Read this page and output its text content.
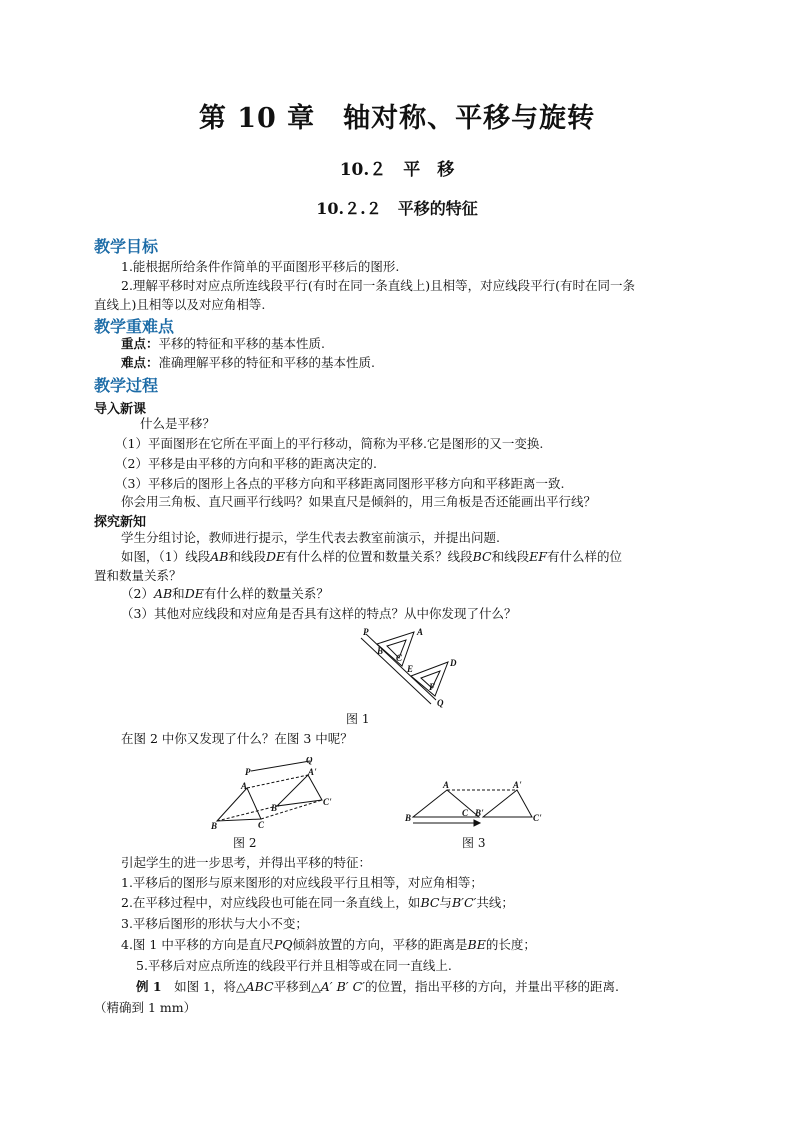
第 10 章　轴对称、平移与旋转
10.２　平　移
10.２.２　平移的特征
教学目标
1.能根据所给条件作简单的平面图形平移后的图形.
2.理解平移时对应点所连线段平行(有时在同一条直线上)且相等，对应线段平行(有时在同一条
直线上)且相等以及对应角相等.
教学重难点
重点：平移的特征和平移的基本性质.
难点：准确理解平移的特征和平移的基本性质.
教学过程
导入新课
什么是平移？
（1）平面图形在它所在平面上的平行移动，简称为平移.它是图形的又一变换.
（2）平移是由平移的方向和平移的距离决定的.
（3）平移后的图形上各点的平移方向和平移距离同图形平移方向和平移距离一致.
你会用三角板、直尺画平行线吗？如果直尺是倾斜的，用三角板是否还能画出平行线？
探究新知
学生分组讨论，教师进行提示，学生代表去教室前演示，并提出问题.
如图，（1）线段AB和线段DE有什么样的位置和数量关系？线段BC和线段EF有什么样的位
置和数量关系？
（2）AB和DE有什么样的数量关系？
（3）其他对应线段和对应角是否具有这样的特点？从中你发现了什么？
P	A
B
C	D
E
F
Q
图 1
在图 2 中你又发现了什么？在图 3 中呢？
P
Q
A
A'
B	C
B'
C'
图 2
A	A'
B	C B'	C'
图 3
引起学生的进一步思考，并得出平移的特征：
1.平移后的图形与原来图形的对应线段平行且相等，对应角相等；
2.在平移过程中，对应线段也可能在同一条直线上，如BC与B′C′共线；
3.平移后图形的形状与大小不变；
4.图 1 中平移的方向是直尺PQ倾斜放置的方向，平移的距离是BE的长度；
5.平移后对应点所连的线段平行并且相等或在同一直线上.
例 1　如图 1，将△ABC平移到△A′ B′ C′的位置，指出平移的方向，并量出平移的距离.
（精确到 1 mm）
